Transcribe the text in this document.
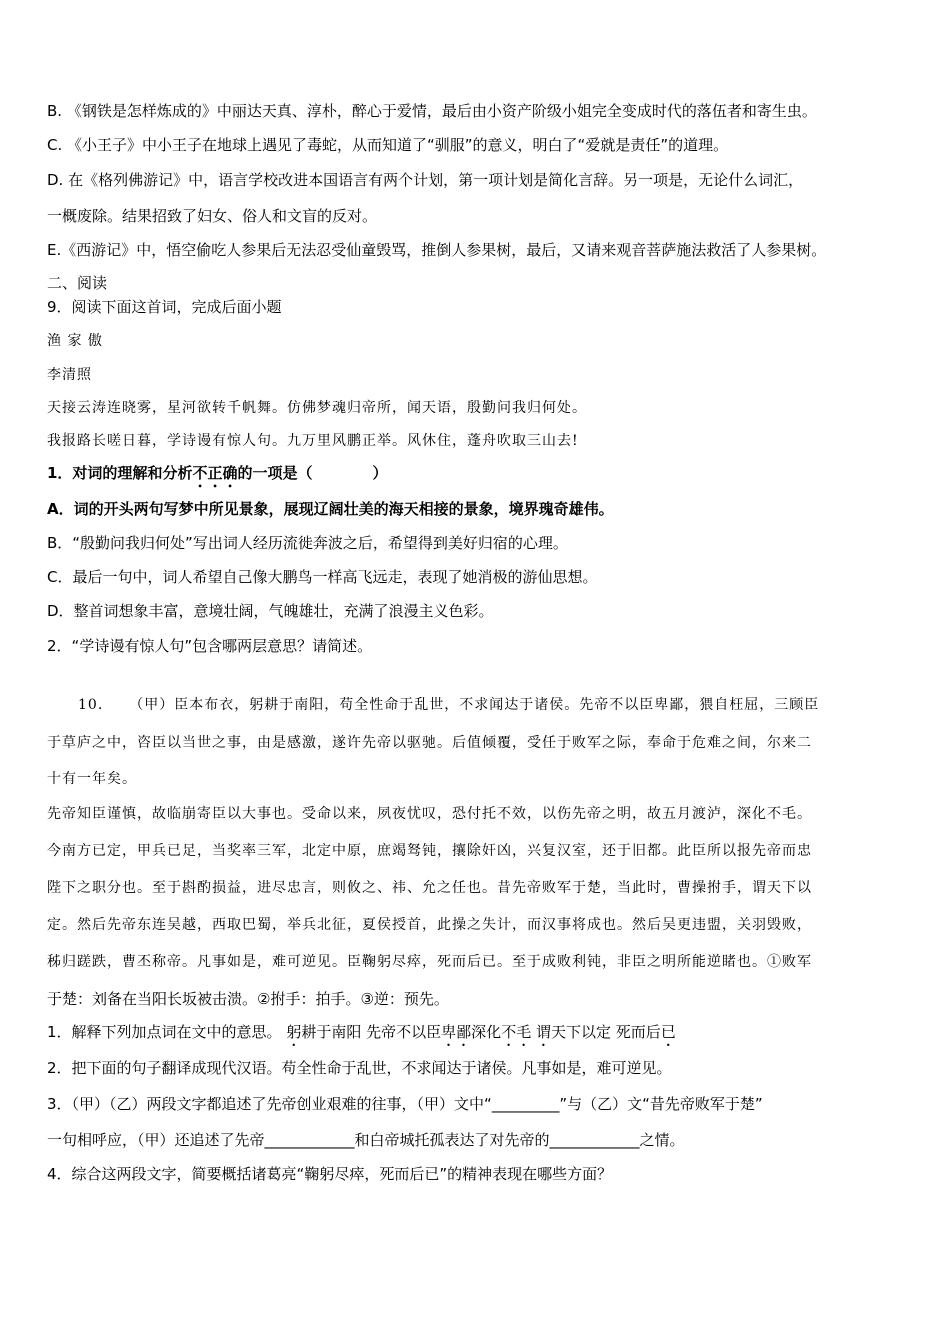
B. 《钢铁是怎样炼成的》中丽达天真、淳朴，醉心于爱情，最后由小资产阶级小姐完全变成时代的落伍者和寄生虫。
C. 《小王子》中小王子在地球上遇见了毒蛇，从而知道了“驯服”的意义，明白了“爱就是责任”的道理。
D. 在《格列佛游记》中，语言学校改进本国语言有两个计划，第一项计划是简化言辞。另一项是，无论什么词汇，
一概废除。结果招致了妇女、俗人和文盲的反对。
E.《西游记》中，悟空偷吃人参果后无法忍受仙童毁骂，推倒人参果树，最后，又请来观音菩萨施法救活了人参果树。
二、阅读
9．阅读下面这首词，完成后面小题
渔 家 傲
李清照
天接云涛连晓雾，星河欲转千帆舞。仿佛梦魂归帝所，闻天语，殷勤问我归何处。
我报路长嗟日暮，学诗谩有惊人句。九万里风鹏正举。风休住，蓬舟吹取三山去!
1．对词的理解和分析不正确的一项是（　　　　）
A．词的开头两句写梦中所见景象，展现辽阔壮美的海天相接的景象，境界瑰奇雄伟。
B．“殷勤问我归何处”写出词人经历流徙奔波之后，希望得到美好归宿的心理。
C．最后一句中，词人希望自己像大鹏鸟一样高飞远走，表现了她消极的游仙思想。
D．整首词想象丰富，意境壮阔，气魄雄壮，充满了浪漫主义色彩。
2．“学诗谩有惊人句”包含哪两层意思？请简述。
10. （甲）臣本布衣，躬耕于南阳，苟全性命于乱世，不求闻达于诸侯。先帝不以臣卑鄙，猥自枉屈，三顾臣
于草庐之中，咨臣以当世之事，由是感激，遂许先帝以驱驰。后值倾覆，受任于败军之际，奉命于危难之间，尔来二
十有一年矣。
先帝知臣谨慎，故临崩寄臣以大事也。受命以来，夙夜忧叹，恐付托不效，以伤先帝之明，故五月渡泸，深化不毛。
今南方已定，甲兵已足，当奖率三军，北定中原，庶竭驽钝，攘除奸凶，兴复汉室，还于旧都。此臣所以报先帝而忠
陛下之职分也。至于斟酌损益，进尽忠言，则攸之、祎、允之任也。昔先帝败军于楚，当此时，曹操拊手，谓天下以
定。然后先帝东连吴越，西取巴蜀，举兵北征，夏侯授首，此操之失计，而汉事将成也。然后吴更违盟，关羽毁败，
秭归蹉跌，曹丕称帝。凡事如是，难可逆见。臣鞠躬尽瘁，死而后已。至于成败利钝，非臣之明所能逆睹也。①败军
于楚：刘备在当阳长坂被击溃。②拊手：拍手。③逆：预先。
1．解释下列加点词在文中的意思。 躬耕于南阳 先帝不以臣卑鄙深化不毛 谓天下以定 死而后已
2．把下面的句子翻译成现代汉语。苟全性命于乱世，不求闻达于诸侯。凡事如是，难可逆见。
3．（甲）（乙）两段文字都追述了先帝创业艰难的往事，（甲）文中“_________”与（乙）文“昔先帝败军于楚”
一句相呼应，（甲）还追述了先帝____________和白帝城托孤表达了对先帝的____________之情。
4．综合这两段文字，简要概括诸葛亮“鞠躬尽瘁，死而后已”的精神表现在哪些方面？
